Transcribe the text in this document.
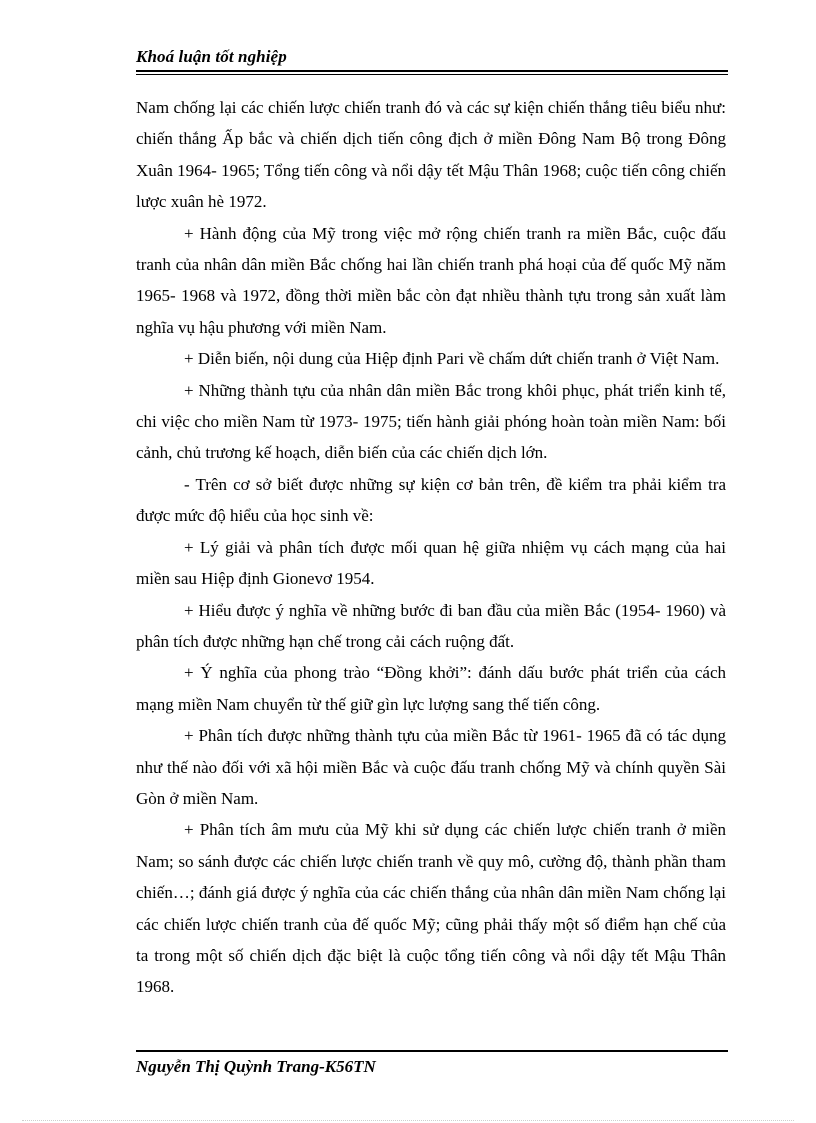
Khoá luận tốt nghiệp

Nam chống lại các chiến lược chiến tranh đó và các sự kiện chiến thắng tiêu biểu như: chiến thắng Ấp bắc và chiến dịch tiến công địch ở miền Đông Nam Bộ trong Đông Xuân 1964- 1965; Tổng tiến công và nổi dậy tết Mậu Thân 1968; cuộc tiến công chiến lược xuân hè 1972.

+ Hành động của Mỹ trong việc mở rộng chiến tranh ra miền Bắc, cuộc đấu tranh của nhân dân miền Bắc chống hai lần chiến tranh phá hoại của đế quốc Mỹ năm 1965- 1968 và 1972, đồng thời miền bắc còn đạt nhiều thành tựu trong sản xuất làm nghĩa vụ hậu phương với miền Nam.

+ Diễn biến, nội dung của Hiệp định Pari về chấm dứt chiến tranh ở Việt Nam.

+ Những thành tựu của nhân dân miền Bắc trong khôi phục, phát triển kinh tế, chi việc cho miền Nam từ 1973- 1975; tiến hành giải phóng hoàn toàn miền Nam: bối cảnh, chủ trương kế hoạch, diễn biến của các chiến dịch lớn.

- Trên cơ sở biết được những sự kiện cơ bản trên, đề kiểm tra phải kiểm tra được mức độ hiểu của học sinh về:

+ Lý giải và phân tích được mối quan hệ giữa nhiệm vụ cách mạng của hai miền sau Hiệp định Gionevơ 1954.

+ Hiểu được ý nghĩa về những bước đi ban đầu của miền Bắc (1954- 1960) và phân tích được những hạn chế trong cải cách ruộng đất.

+ Ý nghĩa của phong trào “Đồng khởi”: đánh dấu bước phát triển của cách mạng miền Nam chuyển từ thế giữ gìn lực lượng sang thế tiến công.

+ Phân tích được những thành tựu của miền Bắc từ 1961- 1965 đã có tác dụng như thế nào đối với xã hội miền Bắc và cuộc đấu tranh chống Mỹ và chính quyền Sài Gòn ở miền Nam.

+ Phân tích âm mưu của Mỹ khi sử dụng các chiến lược chiến tranh ở miền Nam; so sánh được các chiến lược chiến tranh về quy mô, cường độ, thành phần tham chiến…; đánh giá được ý nghĩa của các chiến thắng của nhân dân miền Nam chống lại các chiến lược chiến tranh của đế quốc Mỹ; cũng phải thấy một số điểm hạn chế của ta trong một số chiến dịch đặc biệt là cuộc tổng tiến công và nổi dậy tết Mậu Thân 1968.

Nguyễn Thị Quỳnh Trang-K56TN
